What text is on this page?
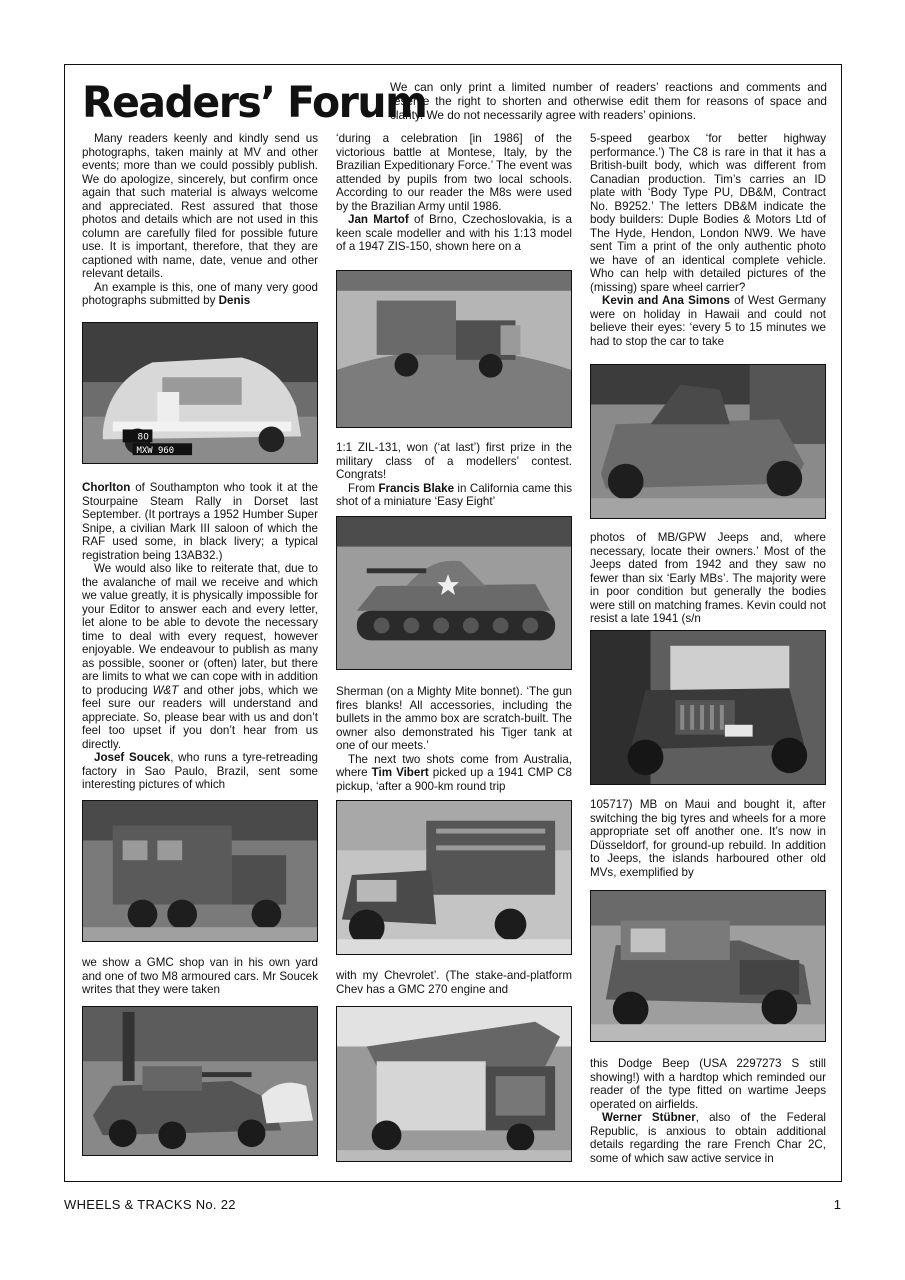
Readers’ Forum
We can only print a limited number of readers’ reactions and comments and reserve the right to shorten and otherwise edit them for reasons of space and clarity. We do not necessarily agree with readers’ opinions.

Many readers keenly and kindly send us photographs, taken mainly at MV and other events; more than we could possibly publish. We do apologize, sincerely, but confirm once again that such material is always welcome and appreciated. Rest assured that those photos and details which are not used in this column are carefully filed for possible future use. It is important, therefore, that they are captioned with name, date, venue and other relevant details.

An example is this, one of many very good photographs submitted by Denis

80
MXW 960

Chorlton of Southampton who took it at the Stourpaine Steam Rally in Dorset last September. (It portrays a 1952 Humber Super Snipe, a civilian Mark III saloon of which the RAF used some, in black livery; a typical registration being 13AB32.)

We would also like to reiterate that, due to the avalanche of mail we receive and which we value greatly, it is physically impossible for your Editor to answer each and every letter, let alone to be able to devote the necessary time to deal with every request, however enjoyable. We endeavour to publish as many as possible, sooner or (often) later, but there are limits to what we can cope with in addition to producing W&T and other jobs, which we feel sure our readers will understand and appreciate. So, please bear with us and don’t feel too upset if you don’t hear from us directly.

Josef Soucek, who runs a tyre-retreading factory in Sao Paulo, Brazil, sent some interesting pictures of which

we show a GMC shop van in his own yard and one of two M8 armoured cars. Mr Soucek writes that they were taken

‘during a celebration [in 1986] of the victorious battle at Montese, Italy, by the Brazilian Expeditionary Force.’ The event was attended by pupils from two local schools. According to our reader the M8s were used by the Brazilian Army until 1986.

Jan Martof of Brno, Czechoslovakia, is a keen scale modeller and with his 1:13 model of a 1947 ZIS-150, shown here on a

1:1 ZIL-131, won (‘at last’) first prize in the military class of a modellers’ contest. Congrats!

From Francis Blake in California came this shot of a miniature ‘Easy Eight’

Sherman (on a Mighty Mite bonnet). ‘The gun fires blanks! All accessories, including the bullets in the ammo box are scratch-built. The owner also demonstrated his Tiger tank at one of our meets.’

The next two shots come from Australia, where Tim Vibert picked up a 1941 CMP C8 pickup, ‘after a 900-km round trip

with my Chevrolet’. (The stake-and-platform Chev has a GMC 270 engine and

5-speed gearbox ‘for better highway performance.’) The C8 is rare in that it has a British-built body, which was different from Canadian production. Tim’s carries an ID plate with ‘Body Type PU, DB&M, Contract No. B9252.’ The letters DB&M indicate the body builders: Duple Bodies & Motors Ltd of The Hyde, Hendon, London NW9. We have sent Tim a print of the only authentic photo we have of an identical complete vehicle. Who can help with detailed pictures of the (missing) spare wheel carrier?

Kevin and Ana Simons of West Germany were on holiday in Hawaii and could not believe their eyes: ‘every 5 to 15 minutes we had to stop the car to take

photos of MB/GPW Jeeps and, where necessary, locate their owners.’ Most of the Jeeps dated from 1942 and they saw no fewer than six ‘Early MBs’. The majority were in poor condition but generally the bodies were still on matching frames. Kevin could not resist a late 1941 (s/n

105717) MB on Maui and bought it, after switching the big tyres and wheels for a more appropriate set off another one. It’s now in Düsseldorf, for ground-up rebuild. In addition to Jeeps, the islands harboured other old MVs, exemplified by

this Dodge Beep (USA 2297273 S still showing!) with a hardtop which reminded our reader of the type fitted on wartime Jeeps operated on airfields.

Werner Stübner, also of the Federal Republic, is anxious to obtain additional details regarding the rare French Char 2C, some of which saw active service in

WHEELS & TRACKS No. 22	1
